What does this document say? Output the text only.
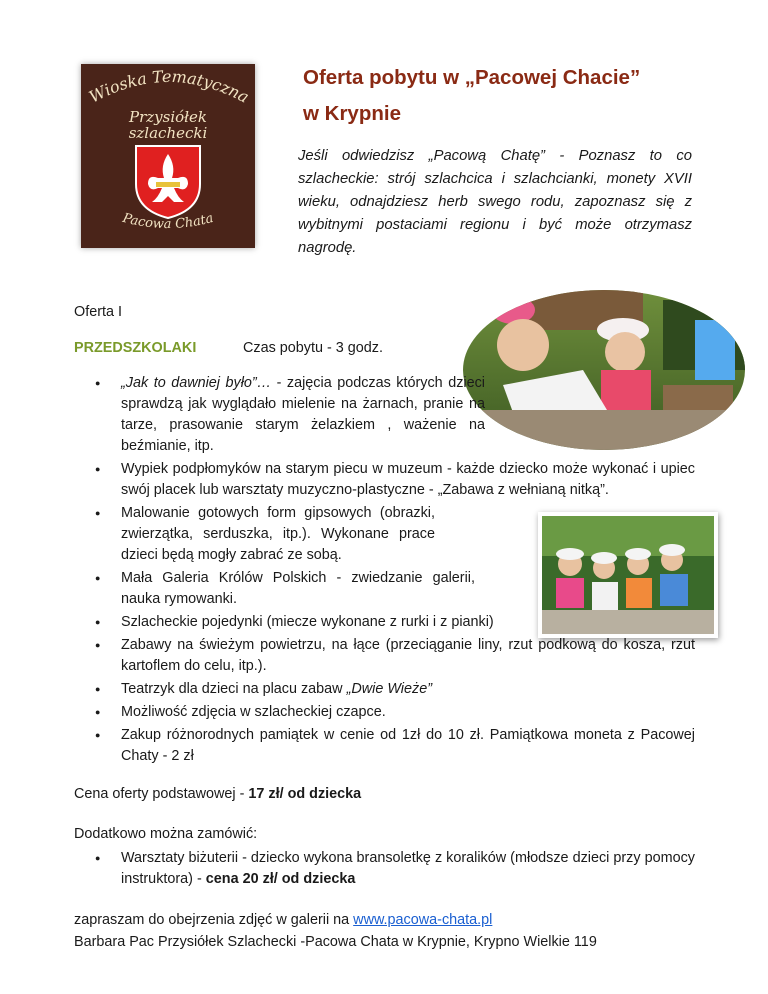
Wioska Tematyczna
Przysiółek
szlachecki
Pacowa Chata
Oferta pobytu w „Pacowej Chacie”
w Krypnie
Jeśli odwiedzisz „Pacową Chatę” - Poznasz to co szlacheckie: strój szlachcica i szlachcianki, monety XVII wieku, odnajdziesz herb swego rodu, zapoznasz się z wybitnymi postaciami regionu i być może otrzymasz nagrodę.
Oferta I
PRZEDSZKOLAKI	Czas pobytu - 3 godz.
● „Jak to dawniej było”… - zajęcia podczas których dzieci sprawdzą jak wyglądało mielenie na żarnach, pranie na tarze, prasowanie starym żelazkiem , ważenie na beźmianie, itp.
● Wypiek podpłomyków na starym piecu w muzeum - każde dziecko może wykonać i upiec swój placek lub warsztaty muzyczno-plastyczne - „Zabawa z wełnianą nitką”.
● Malowanie gotowych form gipsowych (obrazki, zwierzątka, serduszka, itp.). Wykonane prace dzieci będą mogły zabrać ze sobą.
● Mała Galeria Królów Polskich - zwiedzanie galerii, nauka rymowanki.
● Szlacheckie pojedynki (miecze wykonane z rurki i z pianki)
● Zabawy na świeżym powietrzu, na łące (przeciąganie liny, rzut podkową do kosza, rzut kartoflem do celu, itp.).
● Teatrzyk dla dzieci na placu zabaw „Dwie Wieże”
● Możliwość zdjęcia w szlacheckiej czapce.
● Zakup różnorodnych pamiątek w cenie od 1zł do 10 zł. Pamiątkowa moneta z Pacowej Chaty - 2 zł
Cena oferty podstawowej - 17 zł/ od dziecka
Dodatkowo można zamówić:
● Warsztaty biżuterii - dziecko wykona bransoletkę z koralików (młodsze dzieci przy pomocy instruktora) - cena 20 zł/ od dziecka
zapraszam do obejrzenia zdjęć w galerii na www.pacowa-chata.pl
Barbara Pac Przysiółek Szlachecki -Pacowa Chata w Krypnie, Krypno Wielkie 119
